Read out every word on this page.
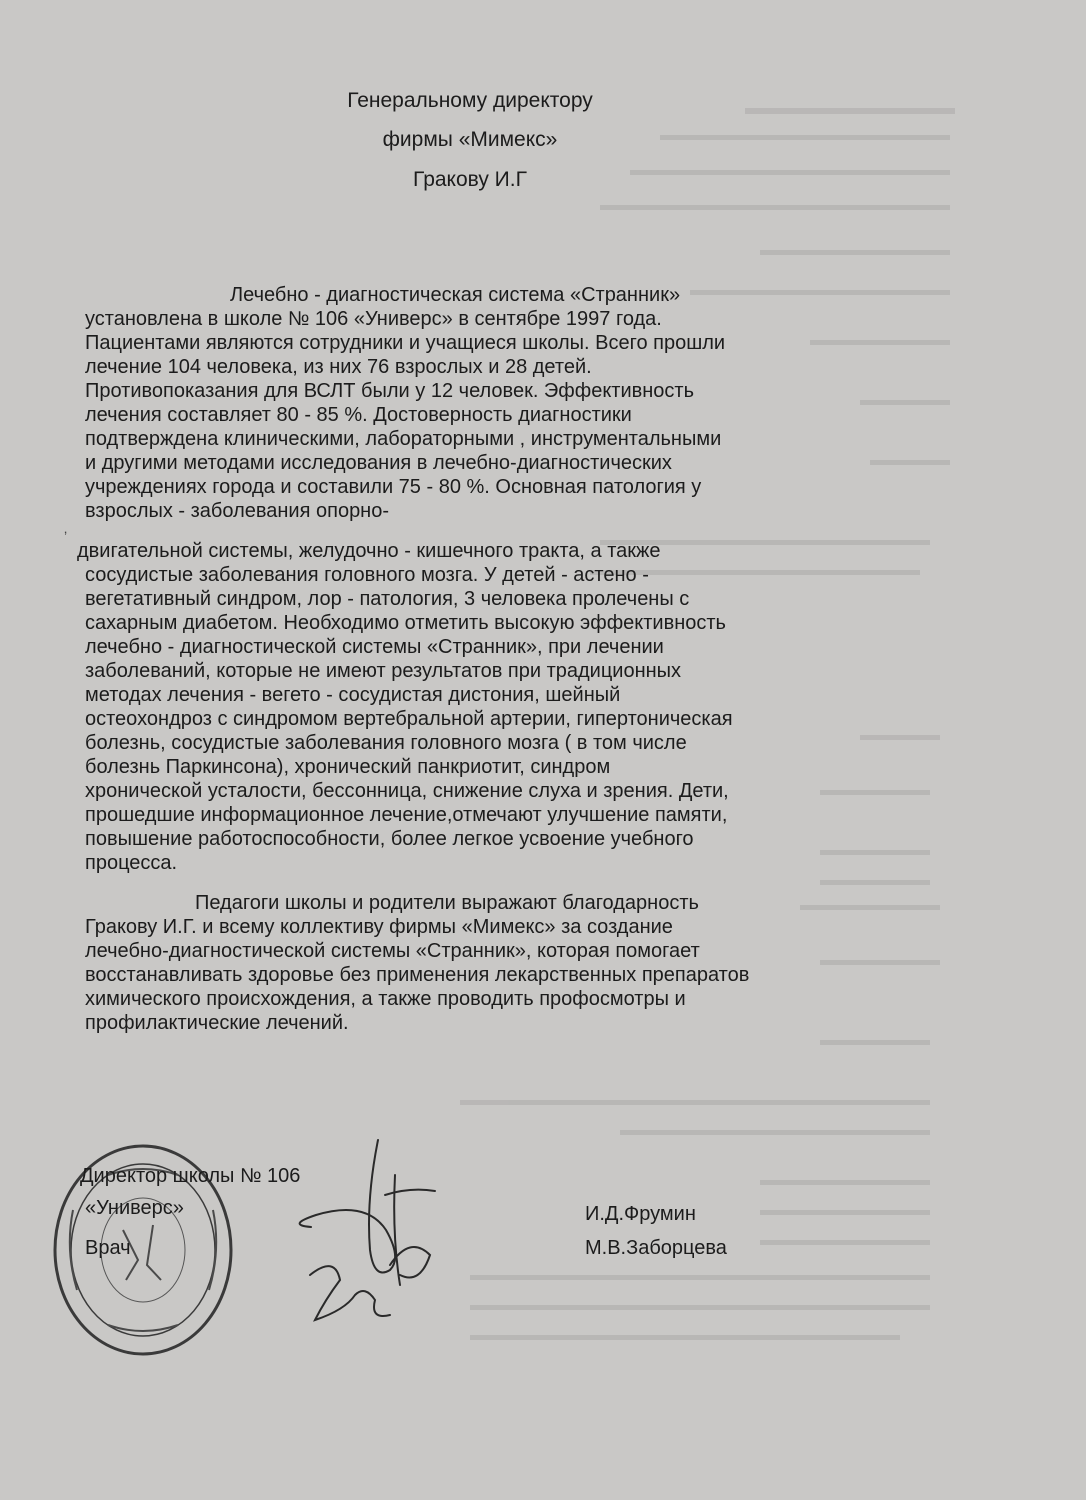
Генеральному директору
фирмы «Мимекс»
Гракову И.Г
‚
Лечебно - диагностическая система «Странник»
установлена в школе № 106 «Универс» в сентябре 1997 года.
Пациентами являются сотрудники и учащиеся школы. Всего прошли
лечение 104 человека, из них 76 взрослых и 28 детей.
Противопоказания для ВСЛТ были у 12 человек. Эффективность
лечения составляет 80 - 85 %. Достоверность диагностики
подтверждена клиническими, лабораторными , инструментальными
и другими методами исследования в лечебно-диагностических
учреждениях города и составили 75 - 80 %. Основная патология у
взрослых - заболевания опорно-
двигательной системы, желудочно - кишечного тракта, а также
сосудистые заболевания головного мозга. У детей - астено -
вегетативный синдром, лор - патология, 3 человека пролечены с
сахарным диабетом. Необходимо отметить высокую эффективность
лечебно - диагностической системы «Странник», при лечении
заболеваний, которые не имеют результатов при традиционных
методах лечения - вегето - сосудистая дистония, шейный
остеохондроз с синдромом вертебральной артерии, гипертоническая
болезнь, сосудистые заболевания головного мозга ( в том числе
болезнь Паркинсона), хронический панкриотит, синдром
хронической усталости, бессонница, снижение слуха и зрения. Дети,
прошедшие информационное лечение,отмечают улучшение памяти,
повышение работоспособности, более легкое усвоение учебного
процесса.
Педагоги школы и родители выражают благодарность
Гракову И.Г. и всему коллективу фирмы «Мимекс» за создание
лечебно-диагностической системы «Странник», которая помогает
восстанавливать здоровье без применения лекарственных препаратов
химического происхождения, а также проводить профосмотры и
профилактические лечений.
Директор школы № 106
«Универс»
Врач
И.Д.Фрумин
М.В.Заборцева
